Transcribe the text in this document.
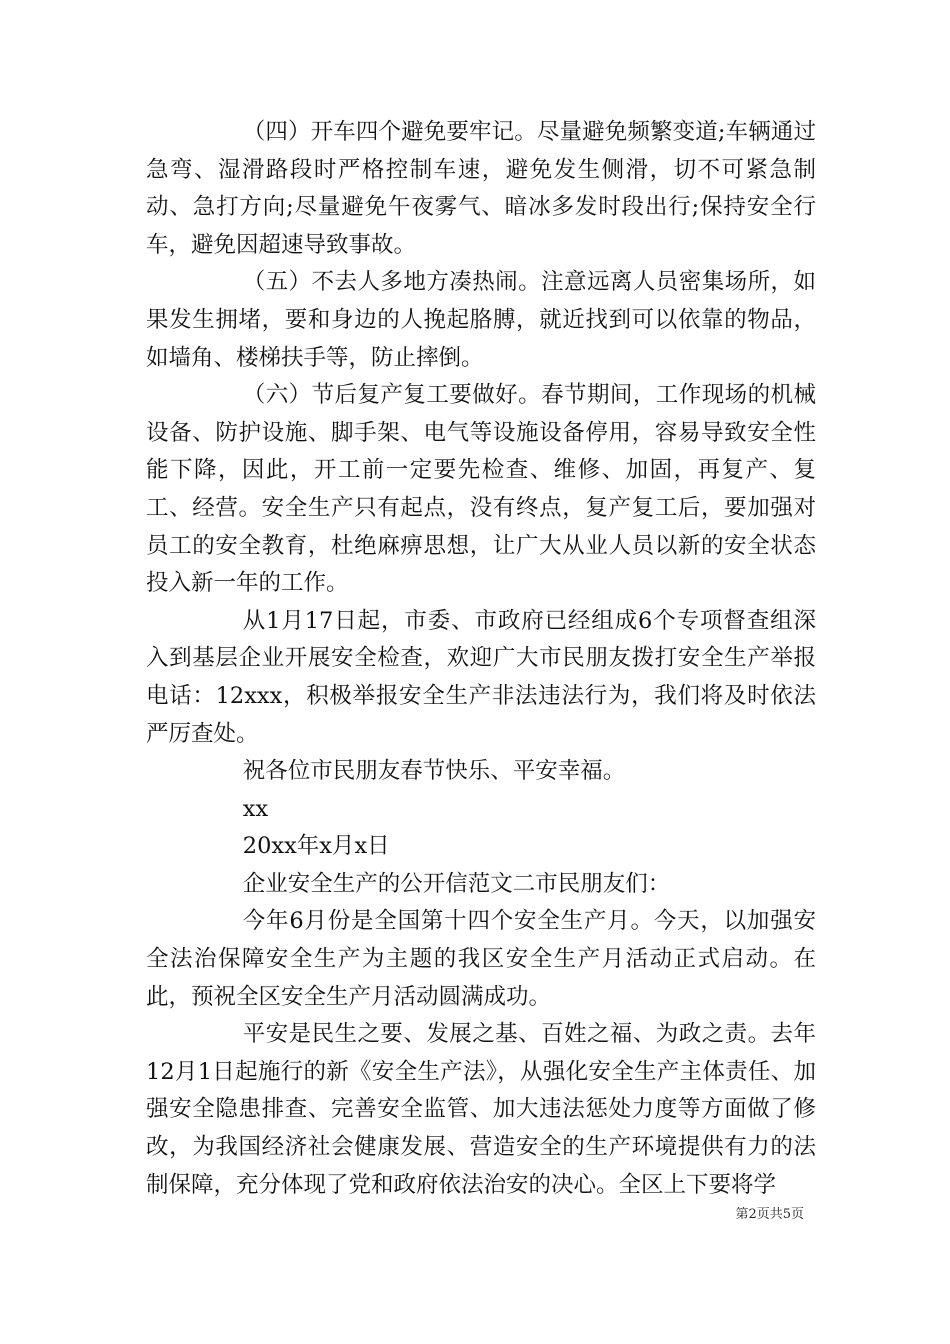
（四）开车四个避免要牢记。尽量避免频繁变道;车辆通过急弯、湿滑路段时严格控制车速，避免发生侧滑，切不可紧急制动、急打方向;尽量避免午夜雾气、暗冰多发时段出行;保持安全行车，避免因超速导致事故。

（五）不去人多地方凑热闹。注意远离人员密集场所，如果发生拥堵，要和身边的人挽起胳膊，就近找到可以依靠的物品，如墙角、楼梯扶手等，防止摔倒。

（六）节后复产复工要做好。春节期间，工作现场的机械设备、防护设施、脚手架、电气等设施设备停用，容易导致安全性能下降，因此，开工前一定要先检查、维修、加固，再复产、复工、经营。安全生产只有起点，没有终点，复产复工后，要加强对员工的安全教育，杜绝麻痹思想，让广大从业人员以新的安全状态投入新一年的工作。

从1月17日起，市委、市政府已经组成6个专项督查组深入到基层企业开展安全检查，欢迎广大市民朋友拨打安全生产举报电话：12xxx，积极举报安全生产非法违法行为，我们将及时依法严厉查处。

祝各位市民朋友春节快乐、平安幸福。

xx

20xx年x月x日

企业安全生产的公开信范文二市民朋友们：

今年6月份是全国第十四个安全生产月。今天，以加强安全法治保障安全生产为主题的我区安全生产月活动正式启动。在此，预祝全区安全生产月活动圆满成功。

平安是民生之要、发展之基、百姓之福、为政之责。去年12月1日起施行的新《安全生产法》，从强化安全生产主体责任、加强安全隐患排查、完善安全监管、加大违法惩处力度等方面做了修改，为我国经济社会健康发展、营造安全的生产环境提供有力的法制保障，充分体现了党和政府依法治安的决心。全区上下要将学

第2页共5页
